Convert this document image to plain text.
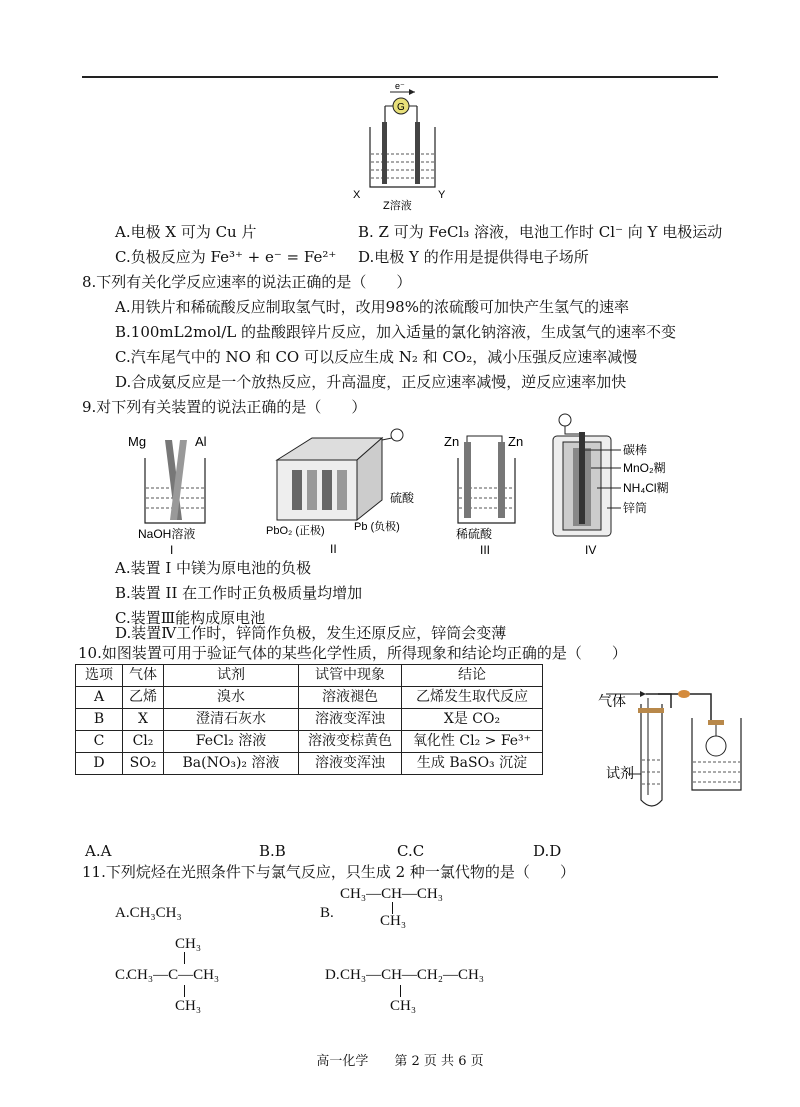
e⁻
G
X	Y
Z溶液
A.电极 X 可为 Cu 片	B. Z 可为 FeCl₃ 溶液，电池工作时 Cl⁻ 向 Y 电极运动
C.负极反应为 Fe³⁺ + e⁻ = Fe²⁺ D.电极 Y 的作用是提供得电子场所
8.下列有关化学反应速率的说法正确的是（　　）
A.用铁片和稀硫酸反应制取氢气时，改用98%的浓硫酸可加快产生氢气的速率
B.100mL2mol/L 的盐酸跟锌片反应，加入适量的氯化钠溶液，生成氢气的速率不变
C.汽车尾气中的 NO 和 CO 可以反应生成 N₂ 和 CO₂，减小压强反应速率减慢
D.合成氨反应是一个放热反应，升高温度，正反应速率减慢，逆反应速率加快
9.对下列有关装置的说法正确的是（　　）
Mg	Al
NaOH溶液
I
硫酸
PbO₂ (正极)	Pb (负极)
II
Zn	Zn
稀硫酸
III
碳棒
MnO₂糊
NH₄Cl糊
锌筒
IV
A.装置 I 中镁为原电池的负极
B.装置 II 在工作时正负极质量均增加
C.装置Ⅲ能构成原电池
D.装置Ⅳ工作时，锌筒作负极，发生还原反应，锌筒会变薄
10.如图装置可用于验证气体的某些化学性质，所得现象和结论均正确的是（　　）
选项	气体	试剂	试管中现象	结论
A	乙烯	溴水	溶液褪色	乙烯发生取代反应
B	X	澄清石灰水	溶液变浑浊	X是 CO₂
C	Cl₂	FeCl₂ 溶液	溶液变棕黄色	氧化性 Cl₂ > Fe³⁺
D	SO₂	Ba(NO₃)₂ 溶液	溶液变浑浊	生成 BaSO₃ 沉淀
气体
试剂
A.A	B.B	C.C	D.D
11.下列烷烃在光照条件下与氯气反应，只生成 2 种一氯代物的是（　　）
A.CH₃CH₃	B.
CH₃—CH—CH₃
CH₃
CH₃
C.
CH₃—C—CH₃
CH₃
D. CH₃—CH—CH₂—CH₃
CH₃
高一化学　　第 2 页 共 6 页
